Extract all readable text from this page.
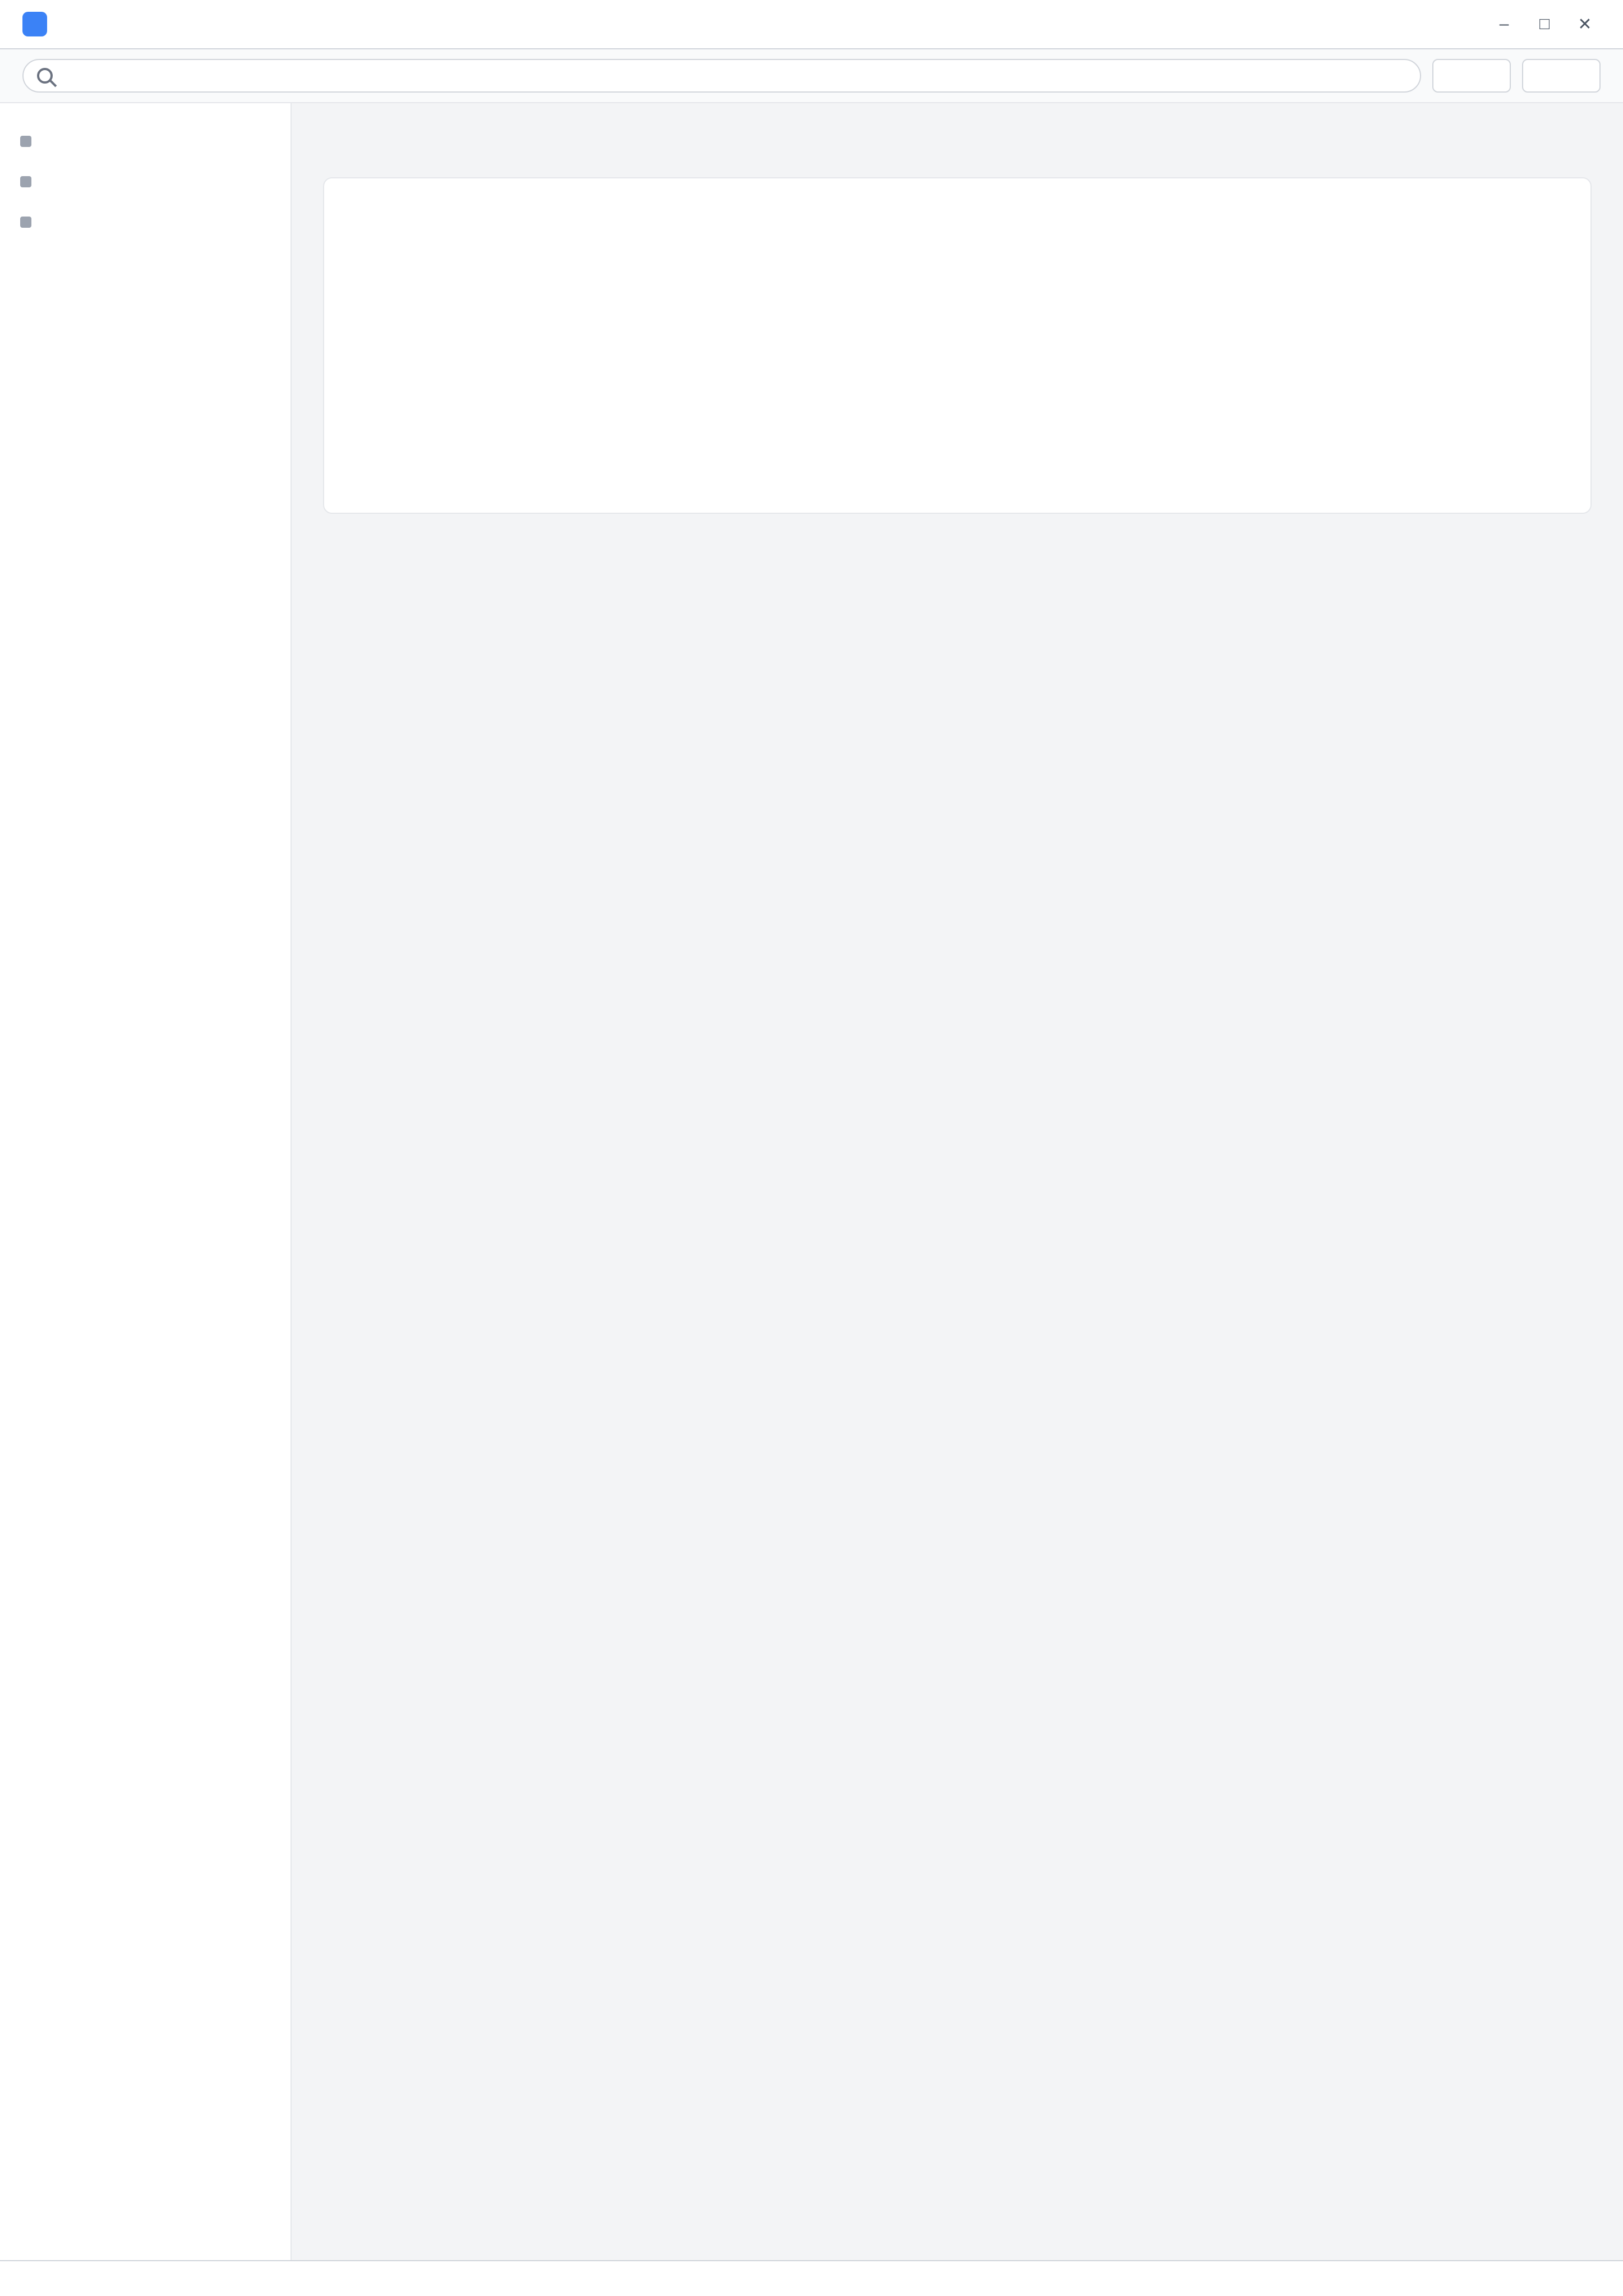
–	□	✕
